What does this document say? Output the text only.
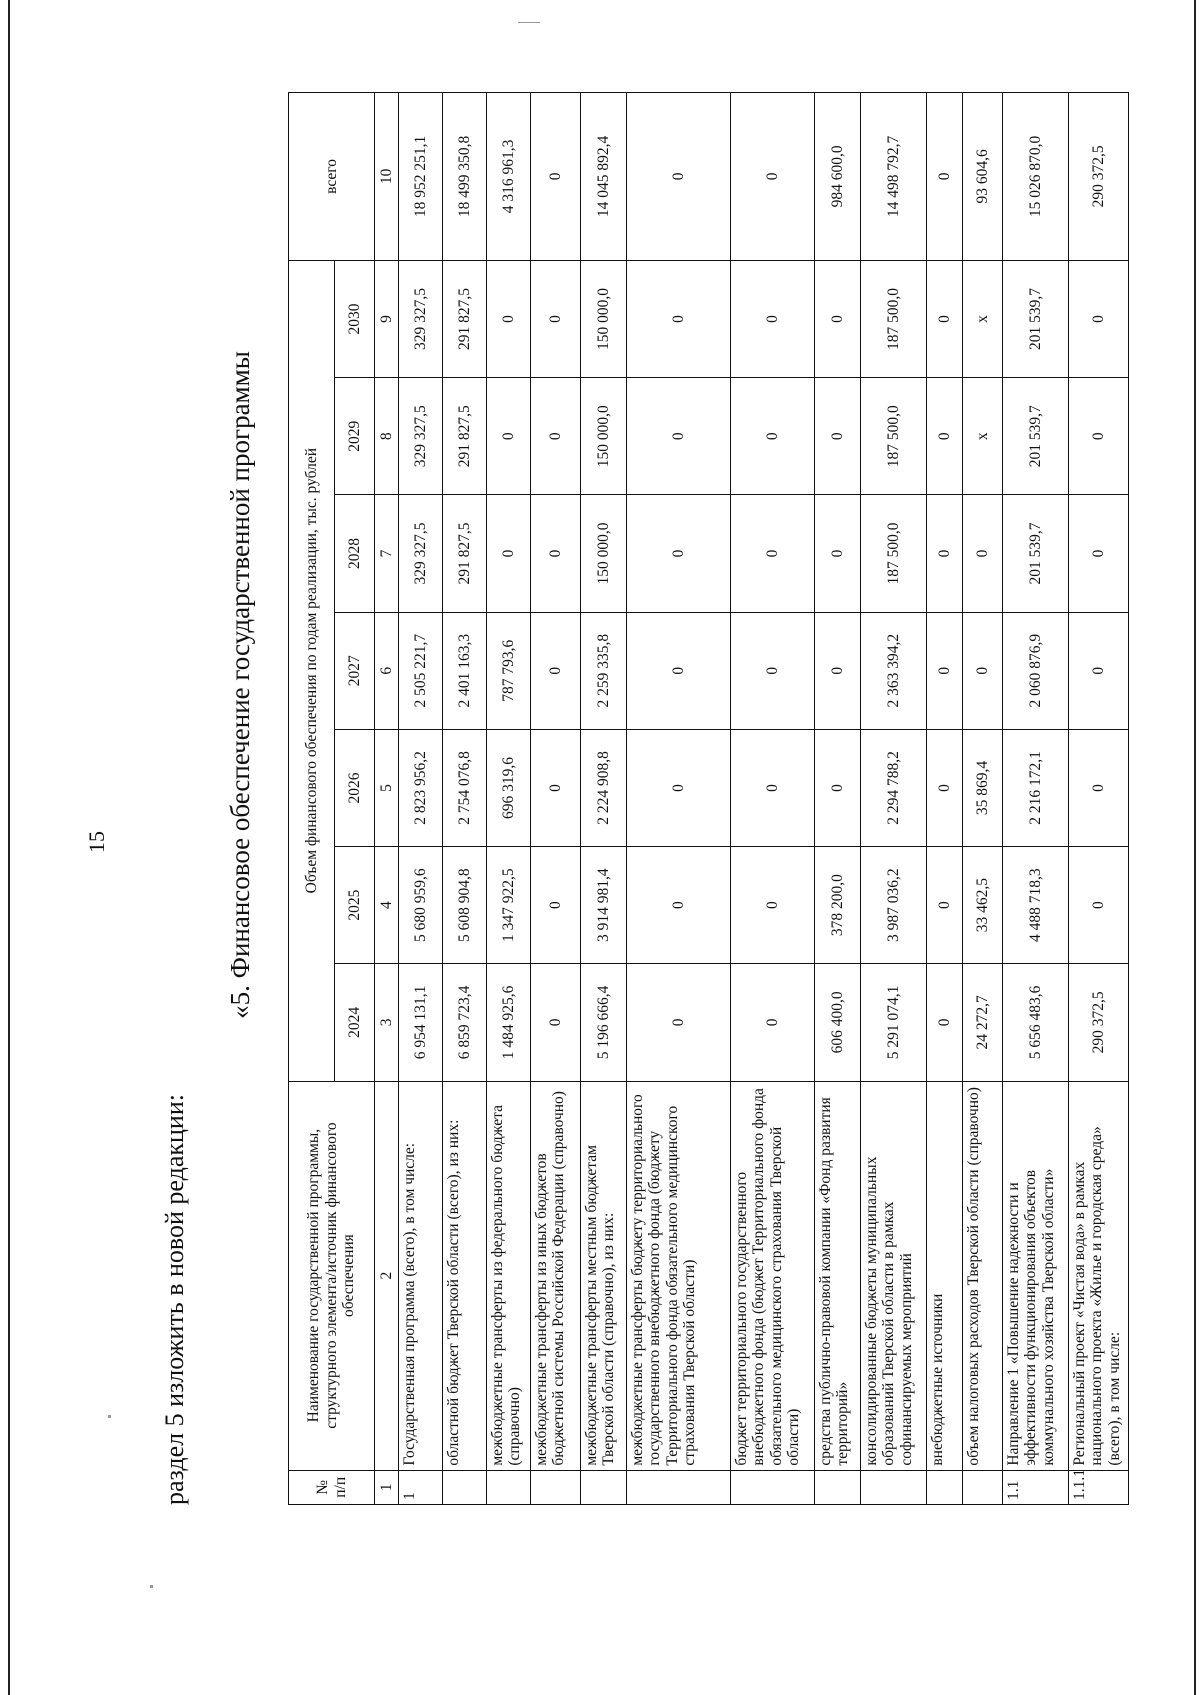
15
раздел 5 изложить в новой редакции:
«5. Финансовое обеспечение государственной программы
№ п/п	Наименование государственной программы, структурного элемента/источник финансового обеспечения	Объем финансового обеспечения по годам реализации, тыс. рублей							всего
		2024	2025	2026	2027	2028	2029	2030	
1	2	3	4	5	6	7	8	9	10
1	Государственная программа (всего), в том числе:	6 954 131,1	5 680 959,6	2 823 956,2	2 505 221,7	329 327,5	329 327,5	329 327,5	18 952 251,1
	областной бюджет Тверской области (всего), из них:	6 859 723,4	5 608 904,8	2 754 076,8	2 401 163,3	291 827,5	291 827,5	291 827,5	18 499 350,8
	межбюджетные трансферты из федерального бюджета (справочно)	1 484 925,6	1 347 922,5	696 319,6	787 793,6	0	0	0	4 316 961,3
	межбюджетные трансферты из иных бюджетов бюджетной системы Российской Федерации (справочно)	0	0	0	0	0	0	0	0
	межбюджетные трансферты местным бюджетам Тверской области (справочно), из них:	5 196 666,4	3 914 981,4	2 224 908,8	2 259 335,8	150 000,0	150 000,0	150 000,0	14 045 892,4
	межбюджетные трансферты бюджету территориального государственного внебюджетного фонда (бюджету Территориального фонда обязательного медицинского страхования Тверской области)	0	0	0	0	0	0	0	0
	бюджет территориального государственного внебюджетного фонда (бюджет Территориального фонда обязательного медицинского страхования Тверской области)	0	0	0	0	0	0	0	0
	средства публично-правовой компании «Фонд развития территорий»	606 400,0	378 200,0	0	0	0	0	0	984 600,0
	консолидированные бюджеты муниципальных образований Тверской области в рамках софинансируемых мероприятий	5 291 074,1	3 987 036,2	2 294 788,2	2 363 394,2	187 500,0	187 500,0	187 500,0	14 498 792,7
	внебюджетные источники	0	0	0	0	0	0	0	0
	объем налоговых расходов Тверской области (справочно)	24 272,7	33 462,5	35 869,4	0	0	x	x	93 604,6
1.1	Направление 1 «Повышение надежности и эффективности функционирования объектов коммунального хозяйства Тверской области»	5 656 483,6	4 488 718,3	2 216 172,1	2 060 876,9	201 539,7	201 539,7	201 539,7	15 026 870,0
1.1.1	Региональный проект «Чистая вода» в рамках национального проекта «Жилье и городская среда» (всего), в том числе:	290 372,5	0	0	0	0	0	0	290 372,5
